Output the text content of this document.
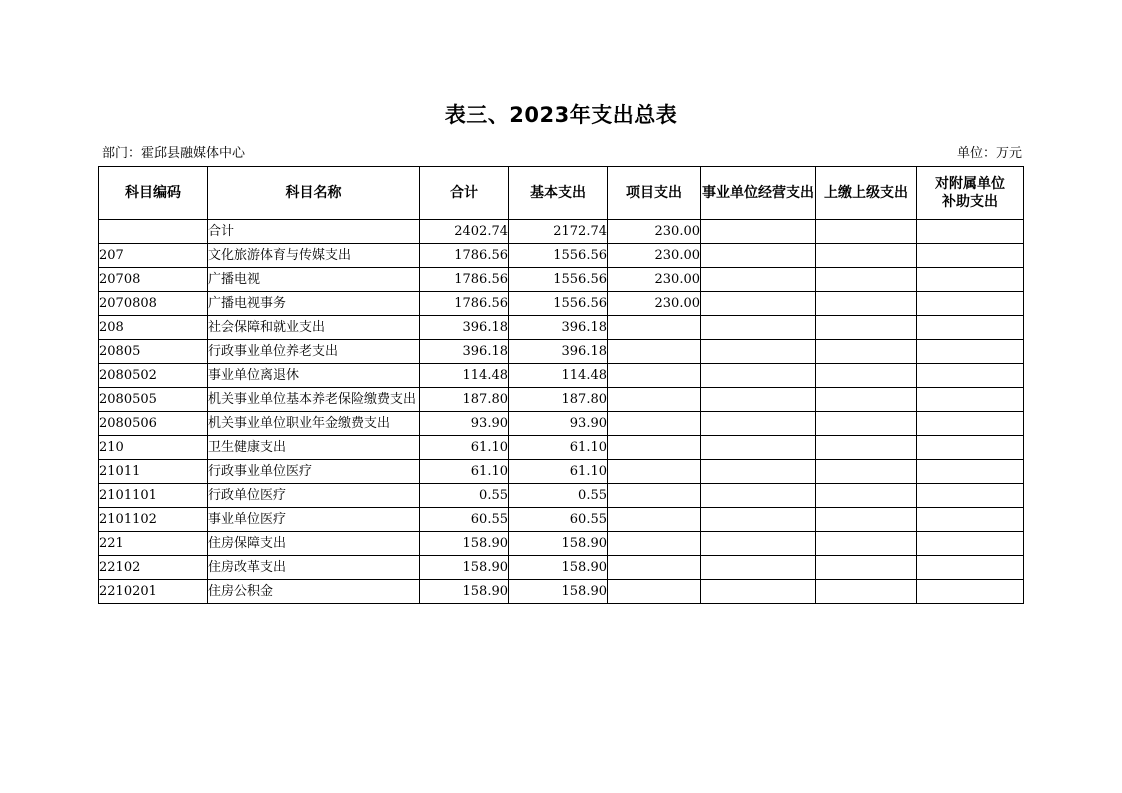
表三、2023年支出总表
部门：霍邱县融媒体中心	单位：万元
科目编码	科目名称	合计	基本支出	项目支出	事业单位经营支出	上缴上级支出	对附属单位
补助支出
	合计	2402.74	2172.74	230.00			
207	文化旅游体育与传媒支出	1786.56	1556.56	230.00			
20708	广播电视	1786.56	1556.56	230.00			
2070808	广播电视事务	1786.56	1556.56	230.00			
208	社会保障和就业支出	396.18	396.18				
20805	行政事业单位养老支出	396.18	396.18				
2080502	事业单位离退休	114.48	114.48				
2080505	机关事业单位基本养老保险缴费支出	187.80	187.80				
2080506	机关事业单位职业年金缴费支出	93.90	93.90				
210	卫生健康支出	61.10	61.10				
21011	行政事业单位医疗	61.10	61.10				
2101101	行政单位医疗	0.55	0.55				
2101102	事业单位医疗	60.55	60.55				
221	住房保障支出	158.90	158.90				
22102	住房改革支出	158.90	158.90				
2210201	住房公积金	158.90	158.90				
